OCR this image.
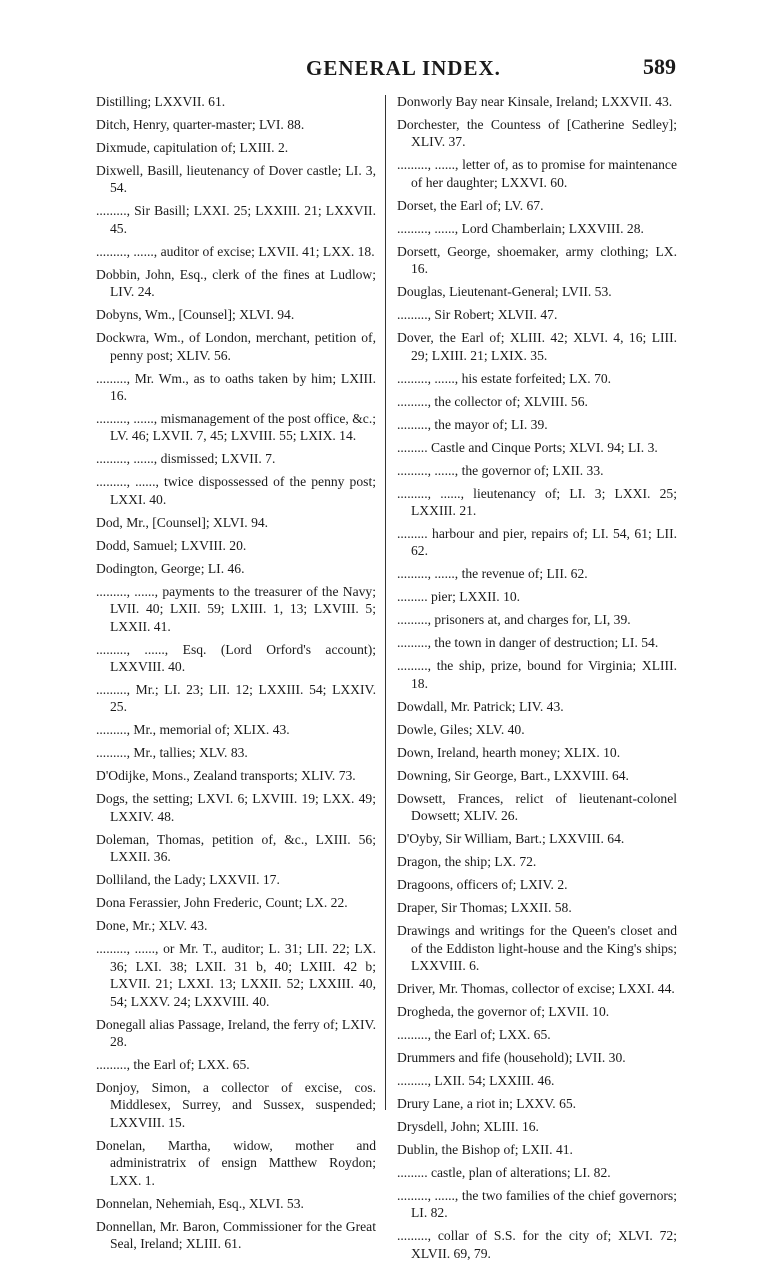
GENERAL INDEX.	589

Distilling; LXXVII. 61.

Ditch, Henry, quarter-master; LVI. 88.

Dixmude, capitulation of; LXIII. 2.

Dixwell, Basill, lieutenancy of Dover castle; LI. 3, 54.

........., Sir Basill; LXXI. 25; LXXIII. 21; LXXVII. 45.

........., ......, auditor of excise; LXVII. 41; LXX. 18.

Dobbin, John, Esq., clerk of the fines at Ludlow; LIV. 24.

Dobyns, Wm., [Counsel]; XLVI. 94.

Dockwra, Wm., of London, merchant, petition of, penny post; XLIV. 56.

........., Mr. Wm., as to oaths taken by him; LXIII. 16.

........., ......, mismanagement of the post office, &c.; LV. 46; LXVII. 7, 45; LXVIII. 55; LXIX. 14.

........., ......, dismissed; LXVII. 7.

........., ......, twice dispossessed of the penny post; LXXI. 40.

Dod, Mr., [Counsel]; XLVI. 94.

Dodd, Samuel; LXVIII. 20.

Dodington, George; LI. 46.

........., ......, payments to the treasurer of the Navy; LVII. 40; LXII. 59; LXIII. 1, 13; LXVIII. 5; LXXII. 41.

........., ......, Esq. (Lord Orford's account); LXXVIII. 40.

........., Mr.; LI. 23; LII. 12; LXXIII. 54; LXXIV. 25.

........., Mr., memorial of; XLIX. 43.

........., Mr., tallies; XLV. 83.

D'Odijke, Mons., Zealand transports; XLIV. 73.

Dogs, the setting; LXVI. 6; LXVIII. 19; LXX. 49; LXXIV. 48.

Doleman, Thomas, petition of, &c., LXIII. 56; LXXII. 36.

Dolliland, the Lady; LXXVII. 17.

Dona Ferassier, John Frederic, Count; LX. 22.

Done, Mr.; XLV. 43.

........., ......, or Mr. T., auditor; L. 31; LII. 22; LX. 36; LXI. 38; LXII. 31 b, 40; LXIII. 42 b; LXVII. 21; LXXI. 13; LXXII. 52; LXXIII. 40, 54; LXXV. 24; LXXVIII. 40.

Donegall alias Passage, Ireland, the ferry of; LXIV. 28.

........., the Earl of; LXX. 65.

Donjoy, Simon, a collector of excise, cos. Middlesex, Surrey, and Sussex, suspended; LXXVIII. 15.

Donelan, Martha, widow, mother and administratrix of ensign Matthew Roydon; LXX. 1.

Donnelan, Nehemiah, Esq., XLVI. 53.

Donnellan, Mr. Baron, Commissioner for the Great Seal, Ireland; XLIII. 61.

Donworly Bay near Kinsale, Ireland; LXXVII. 43.

Dorchester, the Countess of [Catherine Sedley]; XLIV. 37.

........., ......, letter of, as to promise for maintenance of her daughter; LXXVI. 60.

Dorset, the Earl of; LV. 67.

........., ......, Lord Chamberlain; LXXVIII. 28.

Dorsett, George, shoemaker, army clothing; LX. 16.

Douglas, Lieutenant-General; LVII. 53.

........., Sir Robert; XLVII. 47.

Dover, the Earl of; XLIII. 42; XLVI. 4, 16; LIII. 29; LXIII. 21; LXIX. 35.

........., ......, his estate forfeited; LX. 70.

........., the collector of; XLVIII. 56.

........., the mayor of; LI. 39.

......... Castle and Cinque Ports; XLVI. 94; LI. 3.

........., ......, the governor of; LXII. 33.

........., ......, lieutenancy of; LI. 3; LXXI. 25; LXXIII. 21.

......... harbour and pier, repairs of; LI. 54, 61; LII. 62.

........., ......, the revenue of; LII. 62.

......... pier; LXXII. 10.

........., prisoners at, and charges for, LI, 39.

........., the town in danger of destruction; LI. 54.

........., the ship, prize, bound for Virginia; XLIII. 18.

Dowdall, Mr. Patrick; LIV. 43.

Dowle, Giles; XLV. 40.

Down, Ireland, hearth money; XLIX. 10.

Downing, Sir George, Bart., LXXVIII. 64.

Dowsett, Frances, relict of lieutenant-colonel Dowsett; XLIV. 26.

D'Oyby, Sir William, Bart.; LXXVIII. 64.

Dragon, the ship; LX. 72.

Dragoons, officers of; LXIV. 2.

Draper, Sir Thomas; LXXII. 58.

Drawings and writings for the Queen's closet and of the Eddiston light-house and the King's ships; LXXVIII. 6.

Driver, Mr. Thomas, collector of excise; LXXI. 44.

Drogheda, the governor of; LXVII. 10.

........., the Earl of; LXX. 65.

Drummers and fife (household); LVII. 30.

........., LXII. 54; LXXIII. 46.

Drury Lane, a riot in; LXXV. 65.

Drysdell, John; XLIII. 16.

Dublin, the Bishop of; LXII. 41.

......... castle, plan of alterations; LI. 82.

........., ......, the two families of the chief governors; LI. 82.

........., collar of S.S. for the city of; XLVI. 72; XLVII. 69, 79.
